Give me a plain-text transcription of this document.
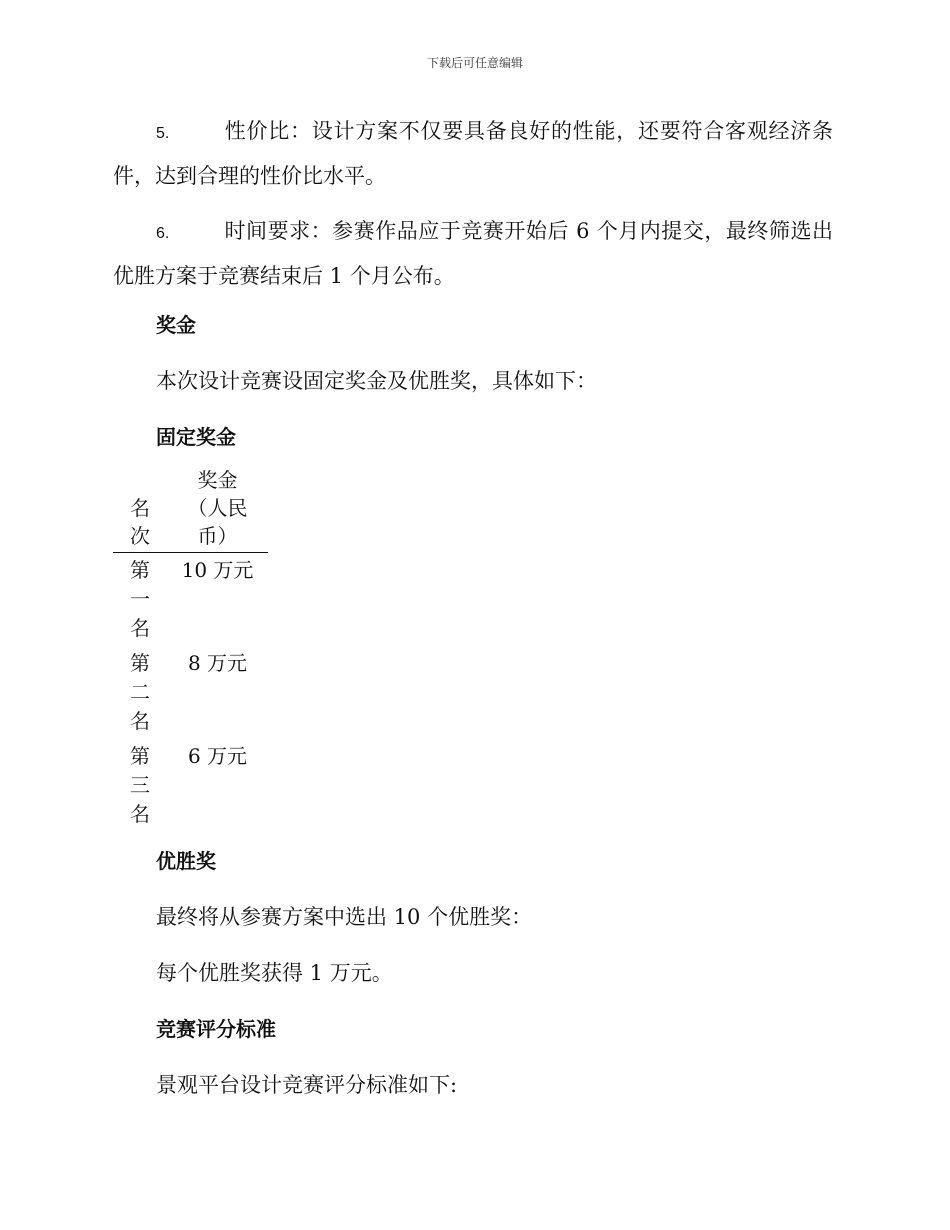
下载后可任意编辑

5.	性价比：设计方案不仅要具备良好的性能，还要符合客观经济条件，达到合理的性价比水平。

6.	时间要求：参赛作品应于竞赛开始后 6 个月内提交，最终筛选出优胜方案于竞赛结束后 1 个月公布。

奖金

本次设计竞赛设固定奖金及优胜奖，具体如下：

固定奖金
名次	奖金（人民币）
第一名	10 万元
第二名	8 万元
第三名	6 万元
优胜奖

最终将从参赛方案中选出 10 个优胜奖：

每个优胜奖获得 1 万元。

竞赛评分标准

景观平台设计竞赛评分标准如下:
